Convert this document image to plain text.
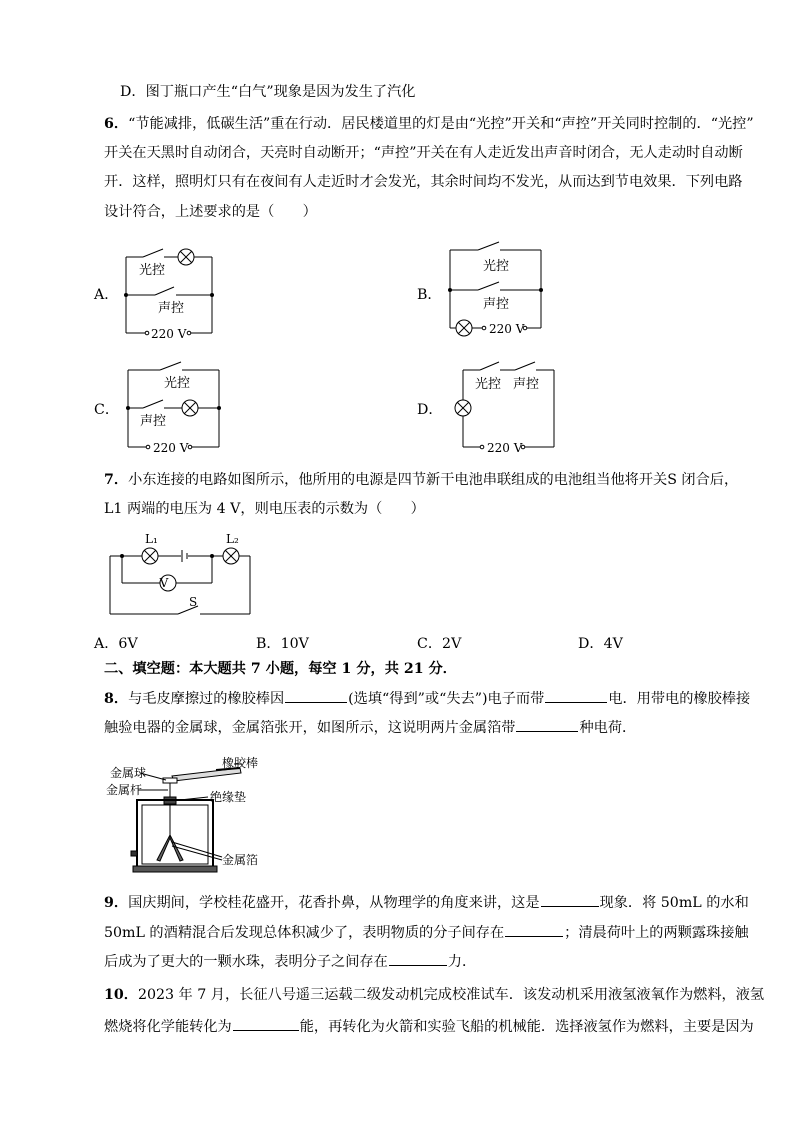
D．图丁瓶口产生“白气”现象是因为发生了汽化
6．“节能减排，低碳生活”重在行动．居民楼道里的灯是由“光控”开关和“声控”开关同时控制的．“光控”
开关在天黑时自动闭合，天亮时自动断开；“声控”开关在有人走近发出声音时闭合，无人走动时自动断
开．这样，照明灯只有在夜间有人走近时才会发光，其余时间均不发光，从而达到节电效果．下列电路
设计符合，上述要求的是（　　）
A．	B．
C．	D．
光控
声控
220 V
光控
声控
220 V
光控
声控
220 V
光控 声控
220 V
7．小东连接的电路如图所示，他所用的电源是四节新干电池串联组成的电池组当他将开关S 闭合后，
L1 两端的电压为 4 V，则电压表的示数为（　　）
V
L₁	L₂
S
A．6V	B．10V	C．2V	D．4V
二、填空题：本大题共 7 小题，每空 1 分，共 21 分．
8．与毛皮摩擦过的橡胶棒因	(选填“得到”或“失去”)电子而带	电．用带电的橡胶棒接
触验电器的金属球，金属箔张开，如图所示，这说明两片金属箔带	种电荷．
金属球
金属杆
橡胶棒
绝缘垫
金属箔
9．国庆期间，学校桂花盛开，花香扑鼻，从物理学的角度来讲，这是	现象．将 50mL 的水和
50mL 的酒精混合后发现总体积减少了，表明物质的分子间存在	；清晨荷叶上的两颗露珠接触
后成为了更大的一颗水珠，表明分子之间存在	力．
10．2023 年 7 月，长征八号遥三运载二级发动机完成校准试车．该发动机采用液氢液氧作为燃料，液氢
燃烧将化学能转化为	能，再转化为火箭和实验飞船的机械能．选择液氢作为燃料，主要是因为
